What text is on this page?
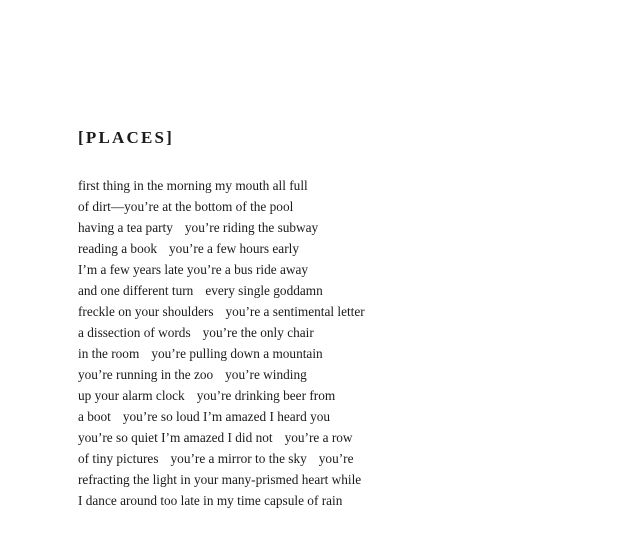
[PLACES]
first thing in the morning my mouth all full
of dirt—you’re at the bottom of the pool
having a tea party you’re riding the subway
reading a book you’re a few hours early
I’m a few years late you’re a bus ride away
and one different turn every single goddamn
freckle on your shoulders you’re a sentimental letter
a dissection of words you’re the only chair
in the room you’re pulling down a mountain
you’re running in the zoo you’re winding
up your alarm clock you’re drinking beer from
a boot you’re so loud I’m amazed I heard you
you’re so quiet I’m amazed I did not you’re a row
of tiny pictures you’re a mirror to the sky you’re
refracting the light in your many-prismed heart while
I dance around too late in my time capsule of rain
